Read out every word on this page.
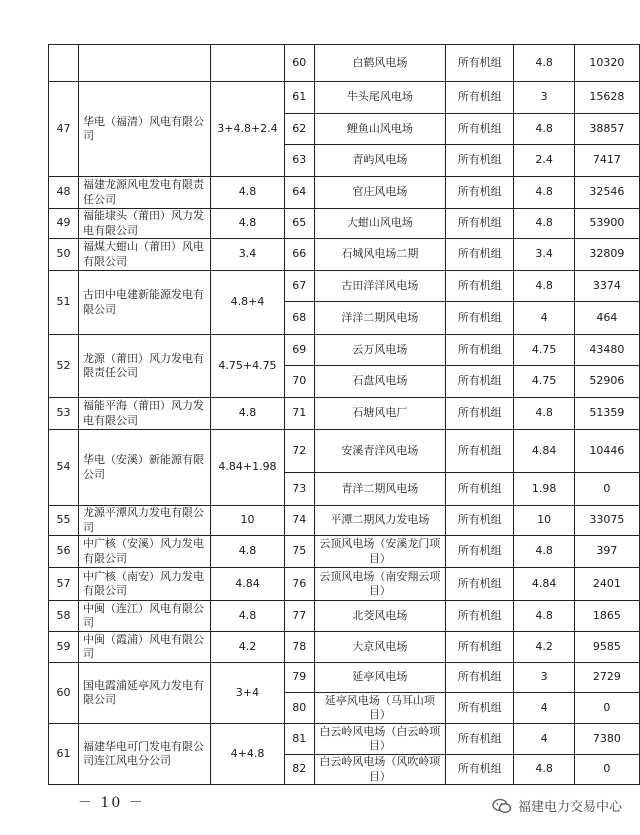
			60	白鹤风电场	所有机组	4.8	10320
47	华电（福清）风电有限公司	3+4.8+2.4	61	牛头尾风电场	所有机组	3	15628
			62	鲤鱼山风电场	所有机组	4.8	38857
			63	青屿风电场	所有机组	2.4	7417
48	福建龙源风电发电有限责任公司	4.8	64	官庄风电场	所有机组	4.8	32546
49	福能埭头（莆田）风力发电有限公司	4.8	65	大蚶山风电场	所有机组	4.8	53900
50	福煤大蚶山（莆田）风电有限公司	3.4	66	石城风电场二期	所有机组	3.4	32809
51	古田中电建新能源发电有限公司	4.8+4	67	古田洋洋风电场	所有机组	4.8	3374
			68	洋洋二期风电场	所有机组	4	464
52	龙源（莆田）风力发电有限责任公司	4.75+4.75	69	云万风电场	所有机组	4.75	43480
			70	石盘风电场	所有机组	4.75	52906
53	福能平海（莆田）风力发电有限公司	4.8	71	石塘风电厂	所有机组	4.8	51359
54	华电（安溪）新能源有限公司	4.84+1.98	72	安溪青洋风电场	所有机组	4.84	10446
			73	青洋二期风电场	所有机组	1.98	0
55	龙源平潭风力发电有限公司	10	74	平潭二期风力发电场	所有机组	10	33075
56	中广核（安溪）风力发电有限公司	4.8	75	云顶风电场（安溪龙门项目）	所有机组	4.8	397
57	中广核（南安）风力发电有限公司	4.84	76	云顶风电场（南安翔云项目）	所有机组	4.84	2401
58	中闽（连江）风电有限公司	4.8	77	北茭风电场	所有机组	4.8	1865
59	中闽（霞浦）风电有限公司	4.2	78	大京风电场	所有机组	4.2	9585
60	国电霞浦延亭风力发电有限公司	3+4	79	延亭风电场	所有机组	3	2729
			80	延亭风电场（马耳山项目）	所有机组	4	0
61	福建华电可门发电有限公司连江风电分公司	4+4.8	81	白云岭风电场（白云岭项目）	所有机组	4	7380
			82	白云岭风电场（风吹岭项目）	所有机组	4.8	0
－ 10 －	福建电力交易中心
